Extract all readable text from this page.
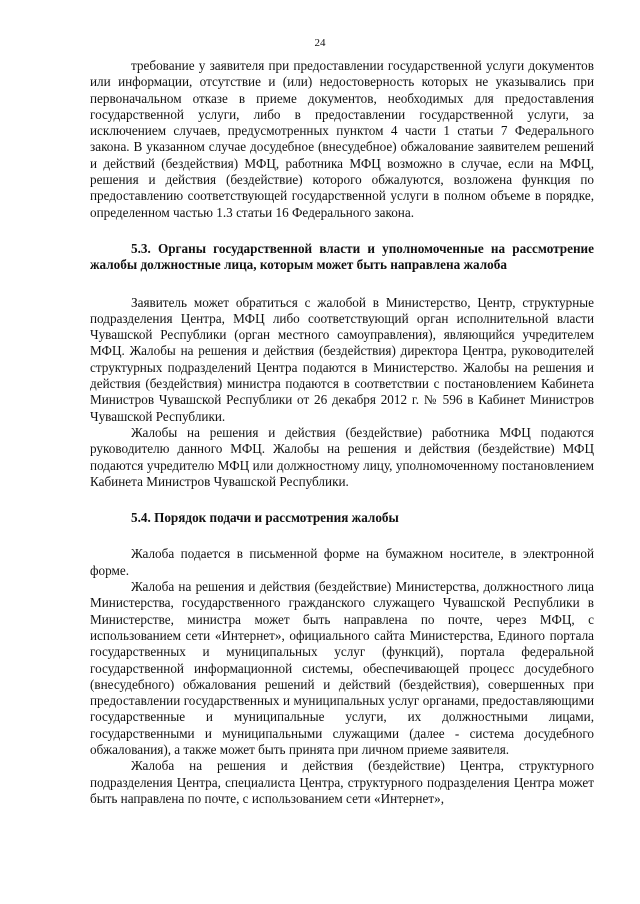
24

требование у заявителя при предоставлении государственной услуги документов или информации, отсутствие и (или) недостоверность которых не указывались при первоначальном отказе в приеме документов, необходимых для предоставления государственной услуги, либо в предоставлении государственной услуги, за исключением случаев, предусмотренных пунктом 4 части 1 статьи 7 Федерального закона. В указанном случае досудебное (внесудебное) обжалование заявителем решений и действий (бездействия) МФЦ, работника МФЦ возможно в случае, если на МФЦ, решения и действия (бездействие) которого обжалуются, возложена функция по предоставлению соответствующей государственной услуги в полном объеме в порядке, определенном частью 1.3 статьи 16 Федерального закона.

5.3. Органы государственной власти и уполномоченные на рассмотрение жалобы должностные лица, которым может быть направлена жалоба

Заявитель может обратиться с жалобой в Министерство, Центр, структурные подразделения Центра, МФЦ либо соответствующий орган исполнительной власти Чувашской Республики (орган местного самоуправления), являющийся учредителем МФЦ. Жалобы на решения и действия (бездействия) директора Центра, руководителей структурных подразделений Центра подаются в Министерство. Жалобы на решения и действия (бездействия) министра подаются в соответствии с постановлением Кабинета Министров Чувашской Республики от 26 декабря 2012 г. № 596 в Кабинет Министров Чувашской Республики.

Жалобы на решения и действия (бездействие) работника МФЦ подаются руководителю данного МФЦ. Жалобы на решения и действия (бездействие) МФЦ подаются учредителю МФЦ или должностному лицу, уполномоченному постановлением Кабинета Министров Чувашской Республики.

5.4. Порядок подачи и рассмотрения жалобы

Жалоба подается в письменной форме на бумажном носителе, в электронной форме.

Жалоба на решения и действия (бездействие) Министерства, должностного лица Министерства, государственного гражданского служащего Чувашской Республики в Министерстве, министра может быть направлена по почте, через МФЦ, с использованием сети «Интернет», официального сайта Министерства, Единого портала государственных и муниципальных услуг (функций), портала федеральной государственной информационной системы, обеспечивающей процесс досудебного (внесудебного) обжалования решений и действий (бездействия), совершенных при предоставлении государственных и муниципальных услуг органами, предоставляющими государственные и муниципальные услуги, их должностными лицами, государственными и муниципальными служащими (далее - система досудебного обжалования), а также может быть принята при личном приеме заявителя.

Жалоба на решения и действия (бездействие) Центра, структурного подразделения Центра, специалиста Центра, структурного подразделения Центра может быть направлена по почте, с использованием сети «Интернет»,
